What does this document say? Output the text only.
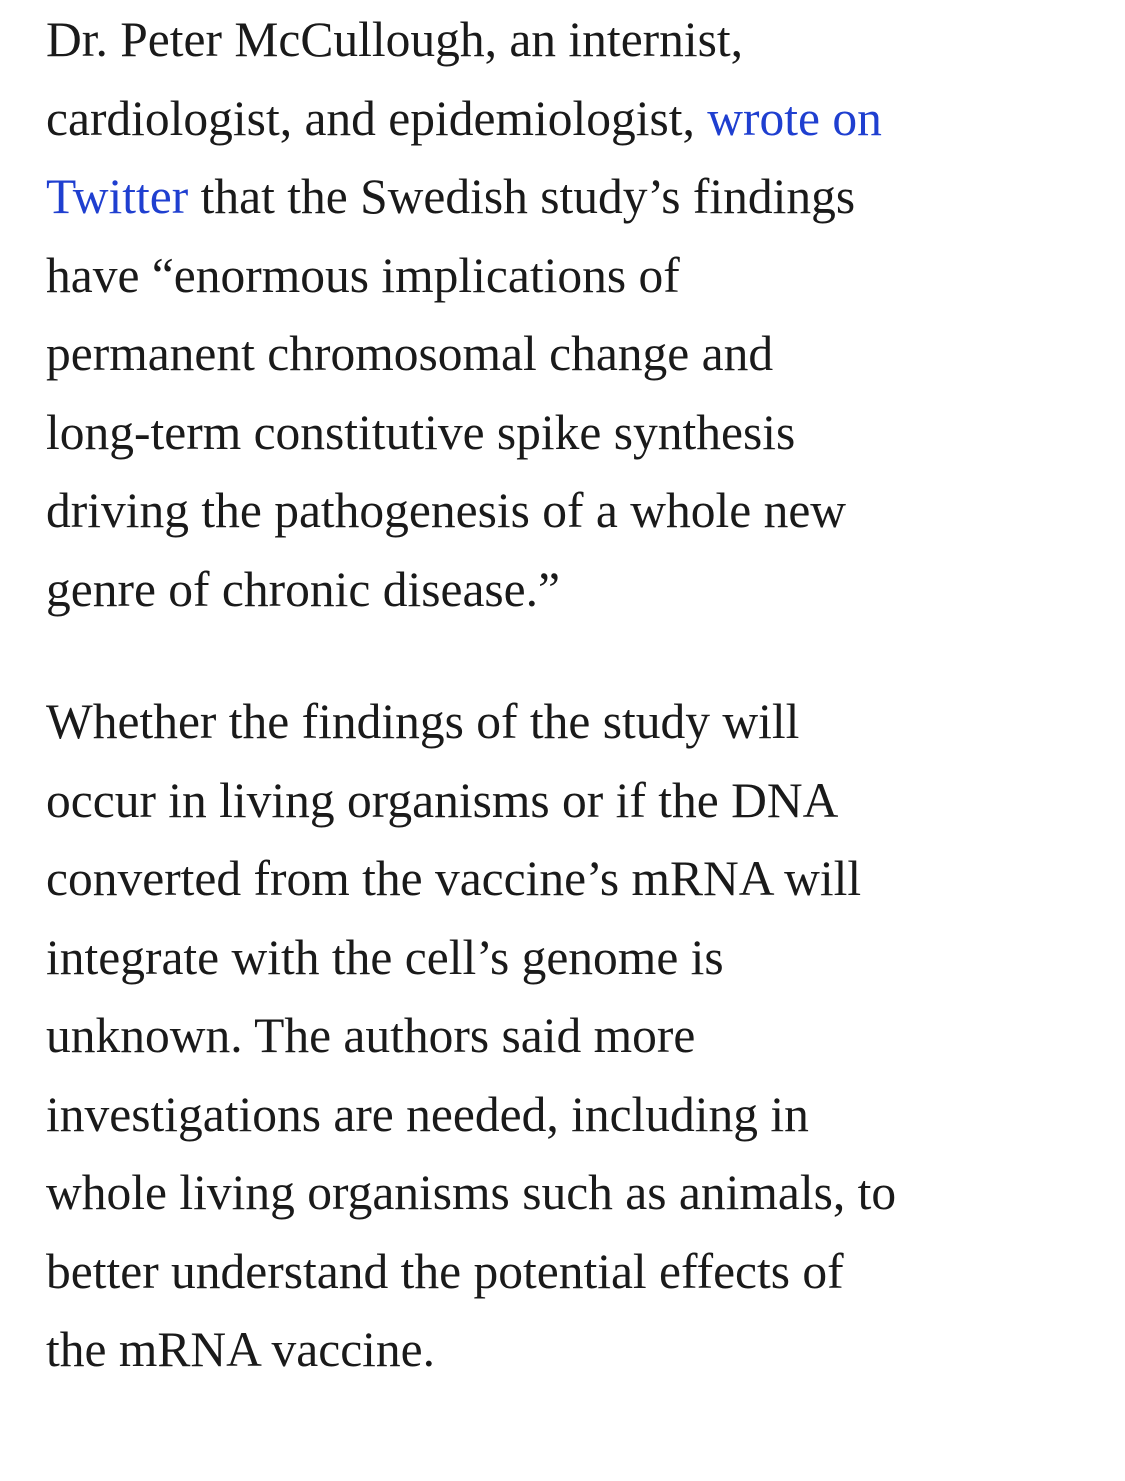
Dr. Peter McCullough, an internist,
cardiologist, and epidemiologist, wrote on
Twitter that the Swedish study’s findings
have “enormous implications of
permanent chromosomal change and
long-term constitutive spike synthesis
driving the pathogenesis of a whole new
genre of chronic disease.”

Whether the findings of the study will
occur in living organisms or if the DNA
converted from the vaccine’s mRNA will
integrate with the cell’s genome is
unknown. The authors said more
investigations are needed, including in
whole living organisms such as animals, to
better understand the potential effects of
the mRNA vaccine.
